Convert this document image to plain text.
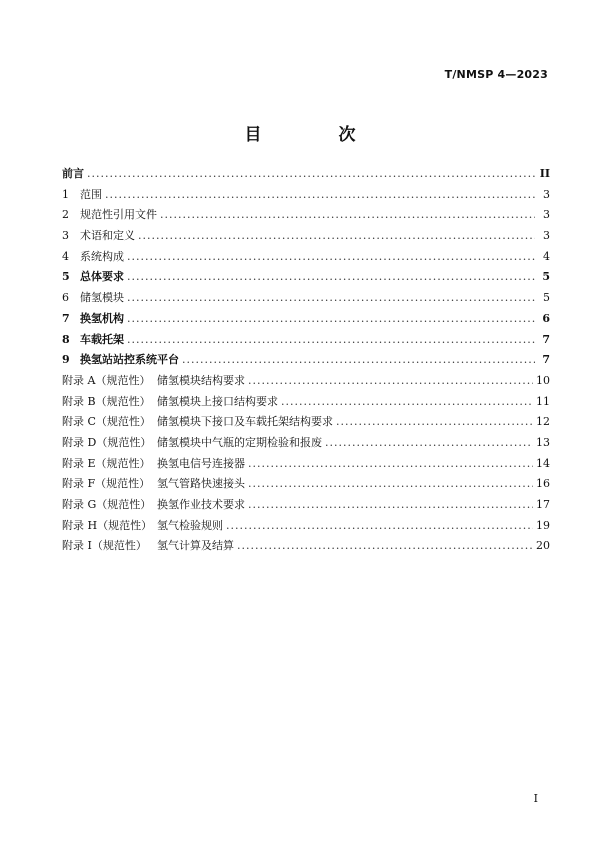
T/NMSP 4—2023
目　次
前言 .....	II
1	范围 .....	3
2	规范性引用文件 .....	3
3	术语和定义 .....	3
4	系统构成 .....	4
5 总体要求 .....	5
6	储氢模块 .....	5
7 换氢机构 .....	6
8 车载托架 .....	7
9 换氢站站控系统平台 .....	7
附录 A（规范性） 储氢模块结构要求 .....	10
附录 B（规范性） 储氢模块上接口结构要求 .....	11
附录 C（规范性） 储氢模块下接口及车载托架结构要求 .....	12
附录 D（规范性） 储氢模块中气瓶的定期检验和报废 .....	13
附录 E（规范性） 换氢电信号连接器 .....	14
附录 F（规范性） 氢气管路快速接头 .....	16
附录 G（规范性） 换氢作业技术要求 .....	17
附录 H（规范性） 氢气检验规则 .....	19
附录 I（规范性） 氢气计算及结算 .....	20
I
